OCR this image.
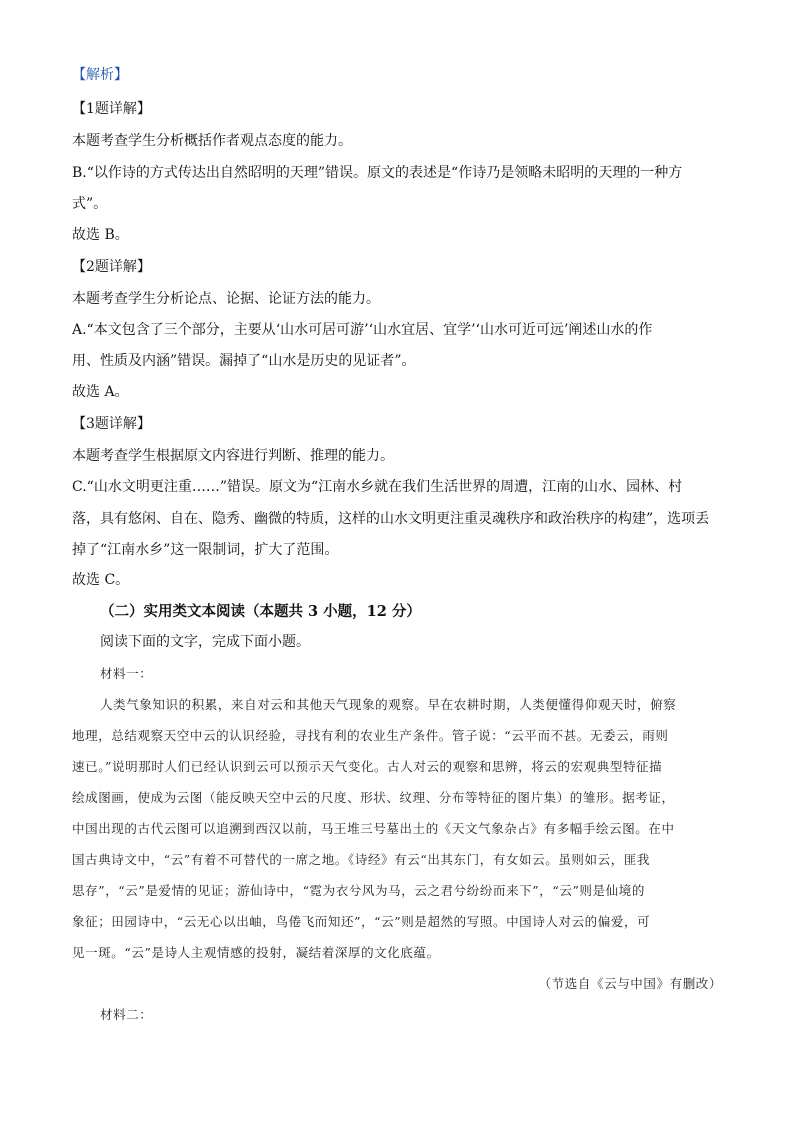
【解析】

【1题详解】

本题考查学生分析概括作者观点态度的能力。

B.“以作诗的方式传达出自然昭明的天理”错误。原文的表述是“作诗乃是领略未昭明的天理的一种方

式”。

故选 B。

【2题详解】

本题考查学生分析论点、论据、论证方法的能力。

A.“本文包含了三个部分，主要从‘山水可居可游’‘山水宜居、宜学’‘山水可近可远’阐述山水的作

用、性质及内涵”错误。漏掉了“山水是历史的见证者”。

故选 A。

【3题详解】

本题考查学生根据原文内容进行判断、推理的能力。

C.“山水文明更注重……”错误。原文为“江南水乡就在我们生活世界的周遭，江南的山水、园林、村

落，具有悠闲、自在、隐秀、幽微的特质，这样的山水文明更注重灵魂秩序和政治秩序的构建”，选项丢

掉了“江南水乡”这一限制词，扩大了范围。

故选 C。

（二）实用类文本阅读（本题共 3 小题，12 分）

阅读下面的文字，完成下面小题。

材料一：

人类气象知识的积累，来自对云和其他天气现象的观察。早在农耕时期，人类便懂得仰观天时，俯察

地理，总结观察天空中云的认识经验，寻找有利的农业生产条件。管子说：“云平而不甚。无委云，雨则

速已。”说明那时人们已经认识到云可以预示天气变化。古人对云的观察和思辨，将云的宏观典型特征描

绘成图画，使成为云图（能反映天空中云的尺度、形状、纹理、分布等特征的图片集）的雏形。据考证，

中国出现的古代云图可以追溯到西汉以前，马王堆三号墓出土的《天文气象杂占》有多幅手绘云图。在中

国古典诗文中，“云”有着不可替代的一席之地。《诗经》有云“出其东门，有女如云。虽则如云，匪我

思存”，“云”是爱情的见证；游仙诗中，“霓为衣兮风为马，云之君兮纷纷而来下”，“云”则是仙境的

象征；田园诗中，“云无心以出岫，鸟倦飞而知还”，“云”则是超然的写照。中国诗人对云的偏爱，可

见一斑。“云”是诗人主观情感的投射，凝结着深厚的文化底蕴。

（节选自《云与中国》有删改）

材料二：
